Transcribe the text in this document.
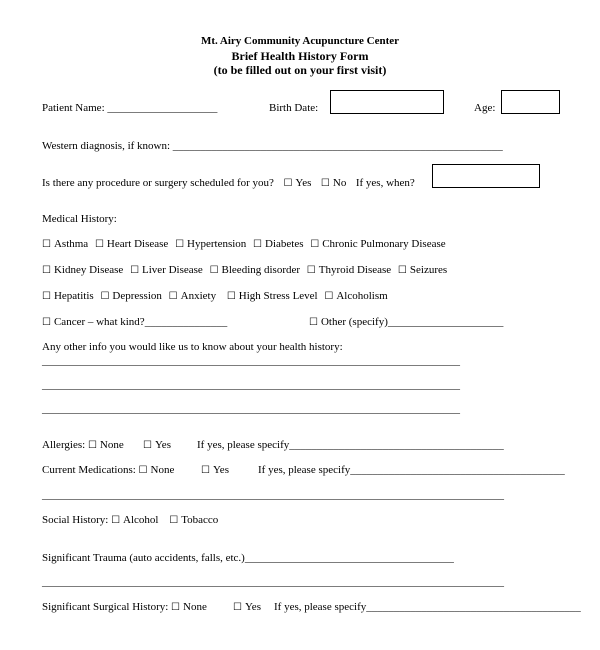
Mt. Airy Community Acupuncture Center
Brief Health History Form
(to be filled out on your first visit)
Patient Name: ____________________	Birth Date:	Age:
Western diagnosis, if known: ____________________________________________________________
Is there any procedure or surgery scheduled for you? ☐ Yes ☐ No If yes, when?
Medical History:
☐ Asthma ☐ Heart Disease ☐ Hypertension ☐ Diabetes ☐ Chronic Pulmonary Disease
☐ Kidney Disease ☐ Liver Disease ☐ Bleeding disorder ☐ Thyroid Disease ☐ Seizures
☐ Hepatitis ☐ Depression ☐ Anxiety ☐ High Stress Level ☐ Alcoholism
☐ Cancer – what kind?_______________	☐ Other (specify)_____________________
Any other info you would like us to know about your health history:
____________________________________________________________________________
____________________________________________________________________________
____________________________________________________________________________
Allergies: ☐ None ☐ Yes If yes, please specify_______________________________________
Current Medications: ☐ None	☐ Yes	If yes, please specify_______________________________________
____________________________________________________________________________________
Social History: ☐ Alcohol ☐ Tobacco
Significant Trauma (auto accidents, falls, etc.)______________________________________
____________________________________________________________________________________
Significant Surgical History: ☐ None	☐ Yes If yes, please specify_______________________________________
